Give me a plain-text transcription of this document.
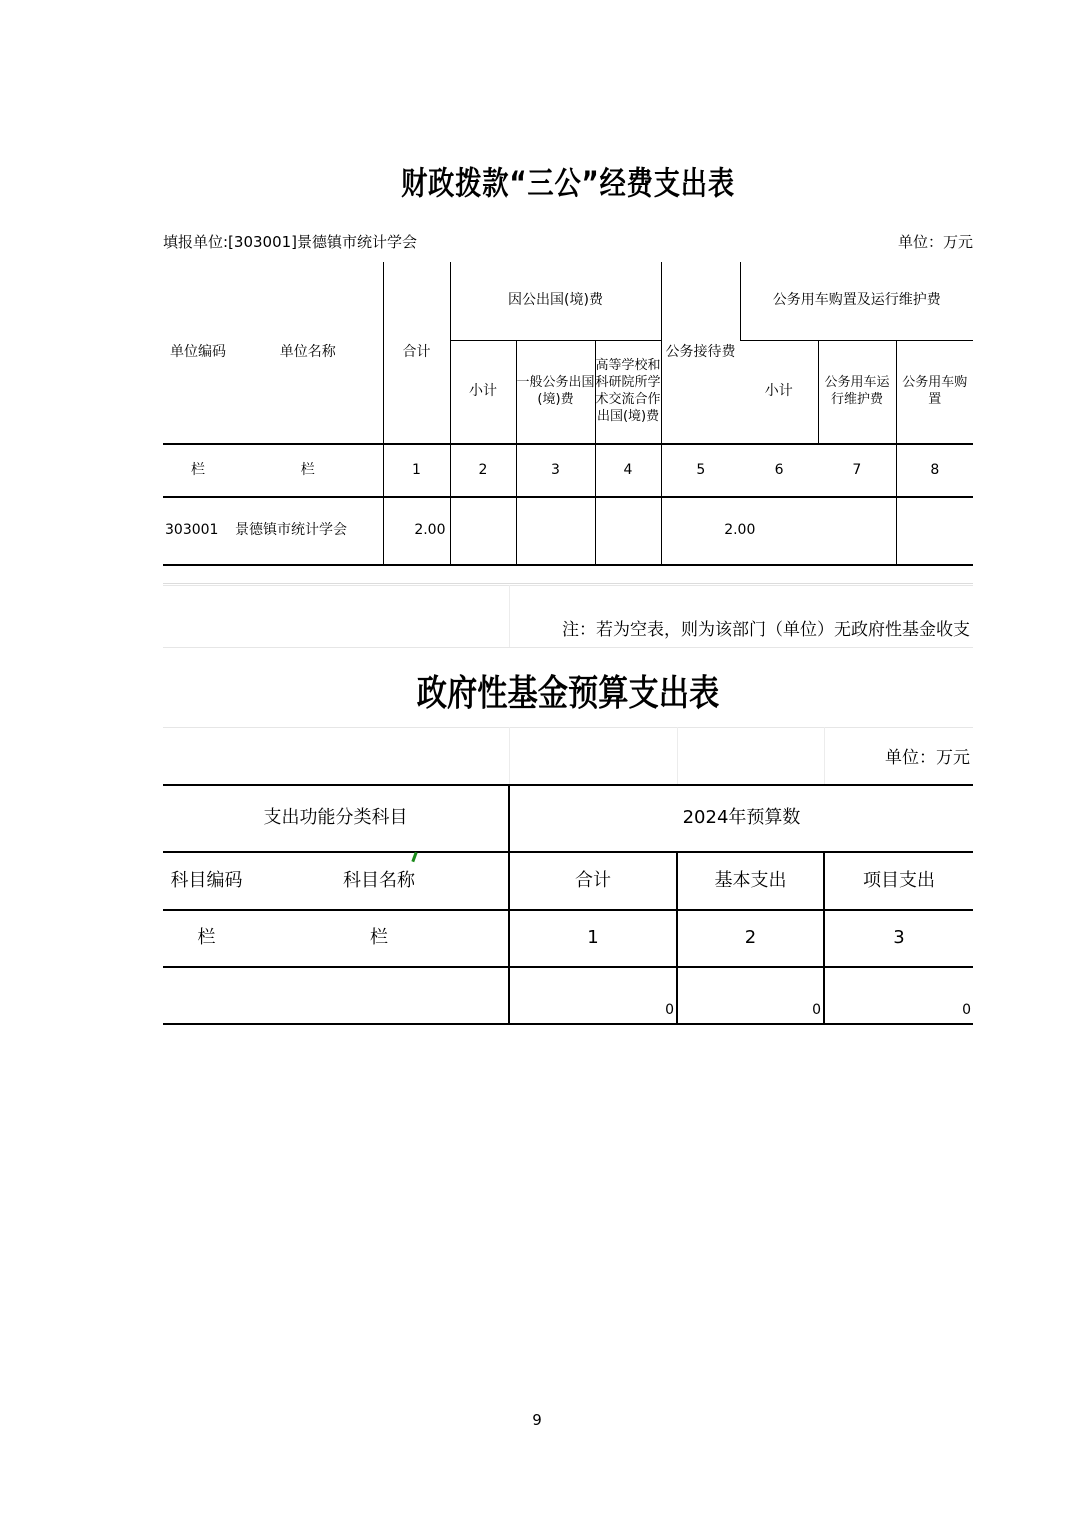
财政拨款“三公”经费支出表
填报单位:[303001]景德镇市统计学会	单位：万元
单位编码	单位名称	合计	因公出国(境)费			公务接待费	公务用车购置及运行维护费		
			小计	一般公务出国(境)费	高等学校和科研院所学术交流合作出国(境)费		小计	公务用车运行维护费	公务用车购置
栏	栏	1	2	3	4	5	6	7	8
303001	景德镇市统计学会	2.00				2.00			
注：若为空表，则为该部门（单位）无政府性基金收支
政府性基金预算支出表
单位：万元
支出功能分类科目		2024年预算数		
科目编码	科目名称	合计	基本支出	项目支出
栏	栏	1	2	3
		0	0	0
9
